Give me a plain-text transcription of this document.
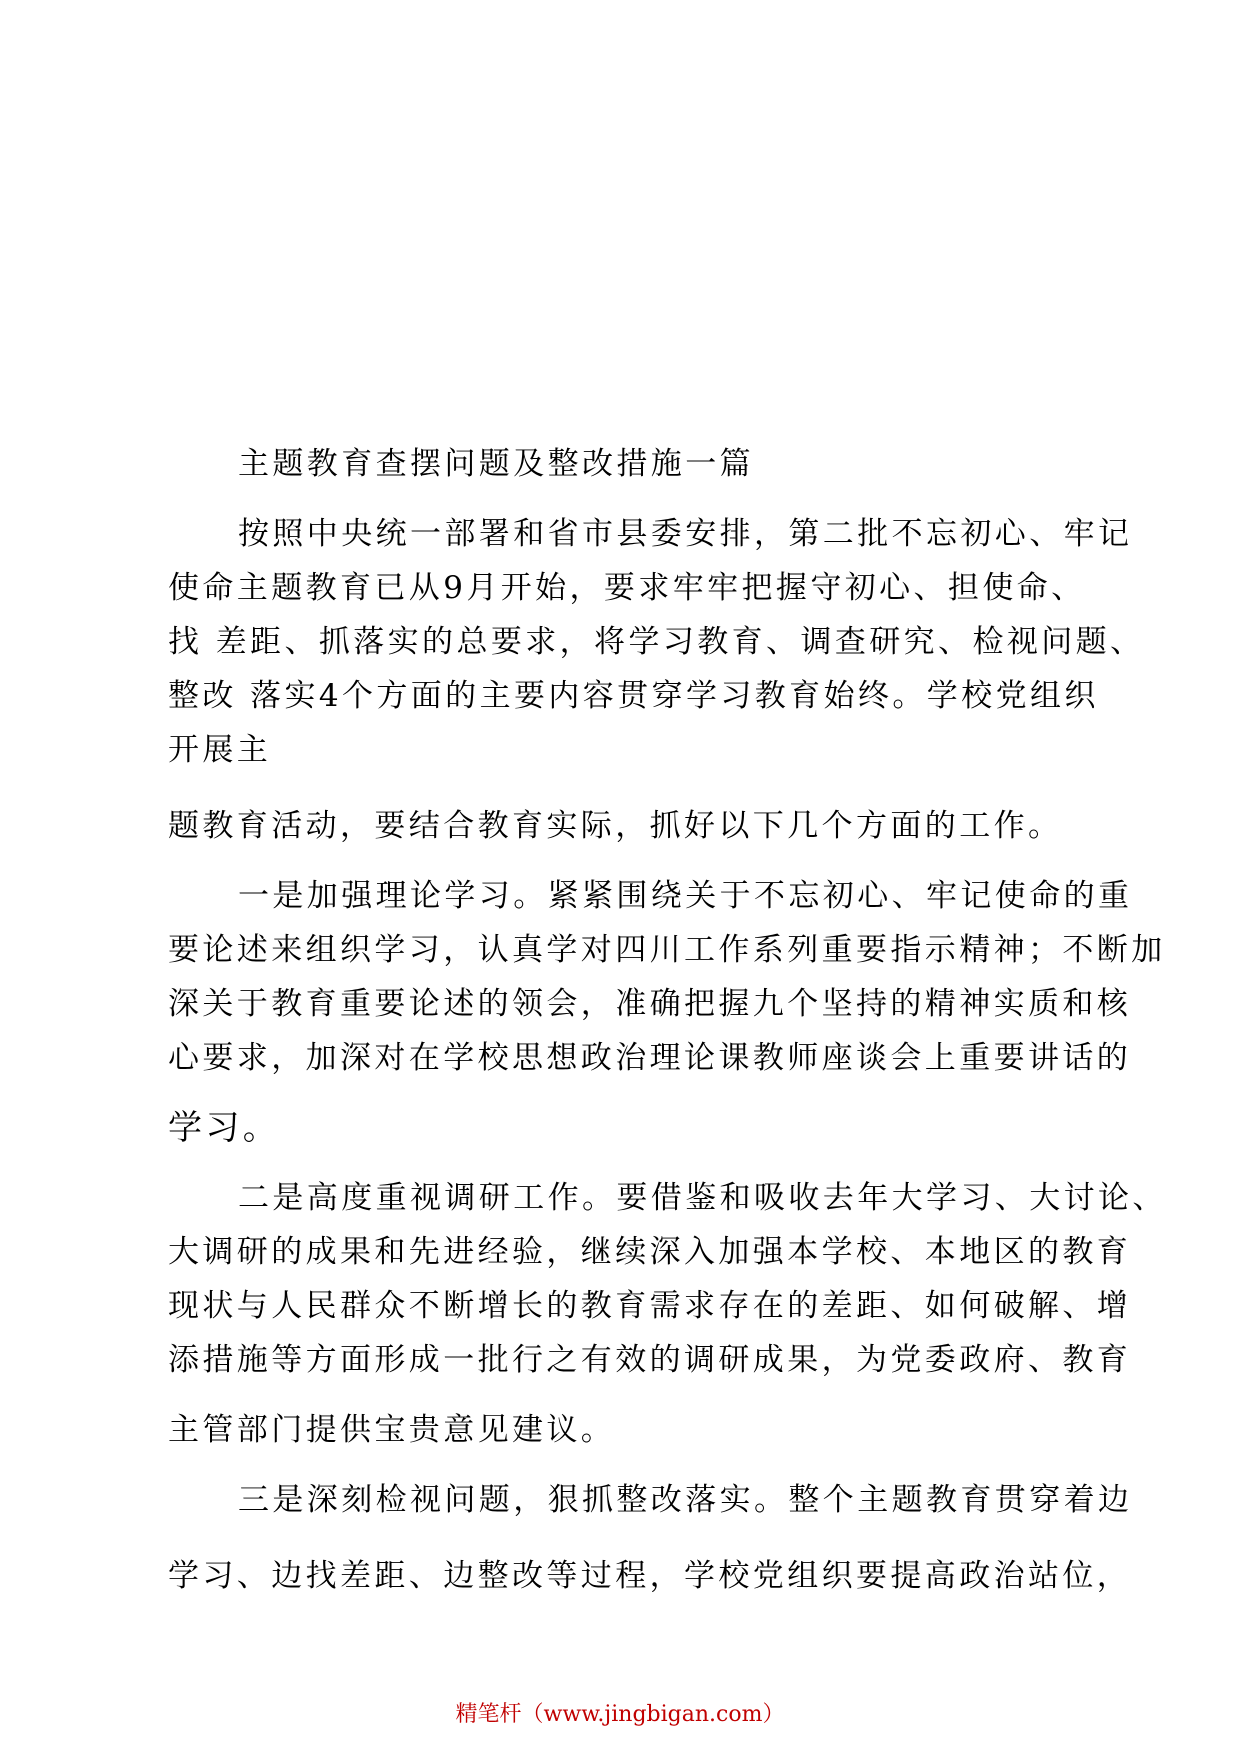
主题教育查摆问题及整改措施一篇
按照中央统一部署和省市县委安排，第二批不忘初心、牢记
使命主题教育已从9月开始，要求牢牢把握守初心、担使命、
找 差距、抓落实的总要求，将学习教育、调查研究、检视问题、
整改 落实4个方面的主要内容贯穿学习教育始终。学校党组织
开展主
题教育活动，要结合教育实际，抓好以下几个方面的工作。
一是加强理论学习。紧紧围绕关于不忘初心、牢记使命的重
要论述来组织学习，认真学对四川工作系列重要指示精神；不断加
深关于教育重要论述的领会，准确把握九个坚持的精神实质和核
心要求，加深对在学校思想政治理论课教师座谈会上重要讲话的
学习。
二是高度重视调研工作。要借鉴和吸收去年大学习、大讨论、
大调研的成果和先进经验，继续深入加强本学校、本地区的教育
现状与人民群众不断增长的教育需求存在的差距、如何破解、增
添措施等方面形成一批行之有效的调研成果，为党委政府、教育
主管部门提供宝贵意见建议。
三是深刻检视问题，狠抓整改落实。整个主题教育贯穿着边
学习、边找差距、边整改等过程，学校党组织要提高政治站位，
精笔杆（www.jingbigan.com）
